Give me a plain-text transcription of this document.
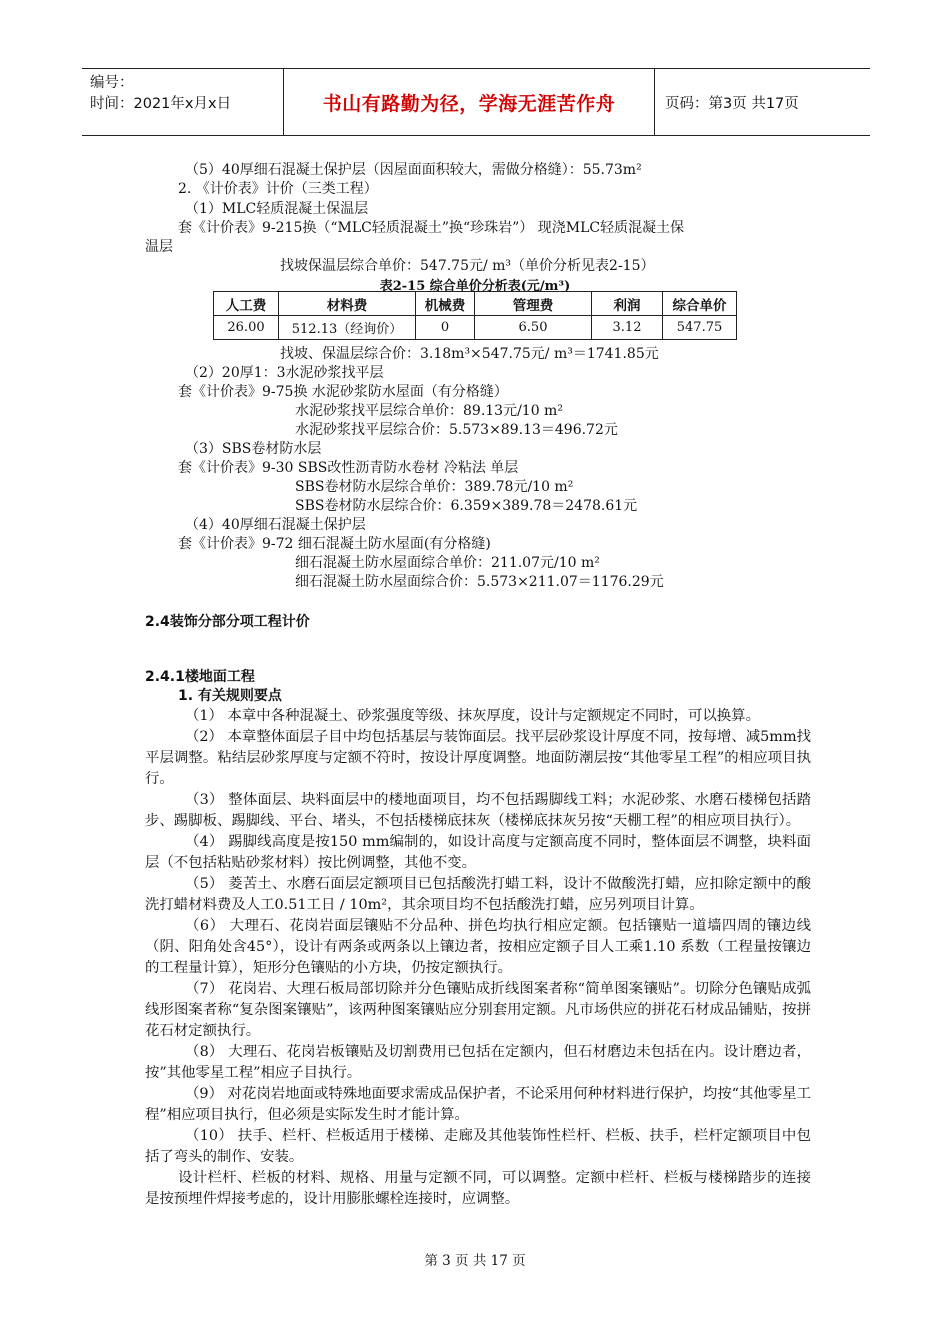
编号：
时间：2021年x月x日	书山有路勤为径，学海无涯苦作舟	页码：第3页 共17页
（5）40厚细石混凝土保护层（因屋面面积较大，需做分格缝）：55.73m²
2. 《计价表》计价（三类工程）
（1）MLC轻质混凝土保温层
套《计价表》9-215换（“MLC轻质混凝土”换“珍珠岩”） 现浇MLC轻质混凝土保
温层
找坡保温层综合单价：547.75元/ m³（单价分析见表2-15）
表2-15 综合单价分析表(元/m³)
人工费	材料费	机械费	管理费	利润	综合单价
26.00	512.13（经询价）	0	6.50	3.12	547.75
找坡、保温层综合价：3.18m³×547.75元/ m³＝1741.85元
（2）20厚1：3水泥砂浆找平层
套《计价表》9-75换 水泥砂浆防水屋面（有分格缝）
水泥砂浆找平层综合单价：89.13元/10 m²
水泥砂浆找平层综合价：5.573×89.13＝496.72元
（3）SBS卷材防水层
套《计价表》9-30 SBS改性沥青防水卷材 冷粘法 单层
SBS卷材防水层综合单价：389.78元/10 m²
SBS卷材防水层综合价：6.359×389.78＝2478.61元
（4）40厚细石混凝土保护层
套《计价表》9-72 细石混凝土防水屋面(有分格缝)
细石混凝土防水屋面综合单价：211.07元/10 m²
细石混凝土防水屋面综合价：5.573×211.07＝1176.29元
2.4装饰分部分项工程计价
2.4.1楼地面工程
1. 有关规则要点

（1） 本章中各种混凝土、砂浆强度等级、抹灰厚度，设计与定额规定不同时，可以换算。

（2） 本章整体面层子目中均包括基层与装饰面层。找平层砂浆设计厚度不同，按每增、减5mm找平层调整。粘结层砂浆厚度与定额不符时，按设计厚度调整。地面防潮层按“其他零星工程”的相应项目执行。

（3） 整体面层、块料面层中的楼地面项目，均不包括踢脚线工料；水泥砂浆、水磨石楼梯包括踏步、踢脚板、踢脚线、平台、堵头，不包括楼梯底抹灰（楼梯底抹灰另按“天棚工程”的相应项目执行）。

（4） 踢脚线高度是按150 mm编制的，如设计高度与定额高度不同时，整体面层不调整，块料面层（不包括粘贴砂浆材料）按比例调整，其他不变。

（5） 菱苦土、水磨石面层定额项目已包括酸洗打蜡工料，设计不做酸洗打蜡，应扣除定额中的酸洗打蜡材料费及人工0.51工日 / 10m²，其余项目均不包括酸洗打蜡，应另列项目计算。

（6） 大理石、花岗岩面层镶贴不分品种、拼色均执行相应定额。包括镶贴一道墙四周的镶边线（阴、阳角处含45°），设计有两条或两条以上镶边者，按相应定额子目人工乘1.10 系数（工程量按镶边的工程量计算），矩形分色镶贴的小方块，仍按定额执行。

（7） 花岗岩、大理石板局部切除并分色镶贴成折线图案者称“简单图案镶贴”。切除分色镶贴成弧线形图案者称“复杂图案镶贴”，该两种图案镶贴应分别套用定额。凡市场供应的拼花石材成品铺贴，按拼花石材定额执行。

（8） 大理石、花岗岩板镶贴及切割费用已包括在定额内，但石材磨边未包括在内。设计磨边者，按”其他零星工程”相应子目执行。

（9） 对花岗岩地面或特殊地面要求需成品保护者，不论采用何种材料进行保护，均按“其他零星工程”相应项目执行，但必须是实际发生时才能计算。

（10） 扶手、栏杆、栏板适用于楼梯、走廊及其他装饰性栏杆、栏板、扶手，栏杆定额项目中包括了弯头的制作、安装。

设计栏杆、栏板的材料、规格、用量与定额不同，可以调整。定额中栏杆、栏板与楼梯踏步的连接是按预埋件焊接考虑的，设计用膨胀螺栓连接时，应调整。

第 3 页 共 17 页
